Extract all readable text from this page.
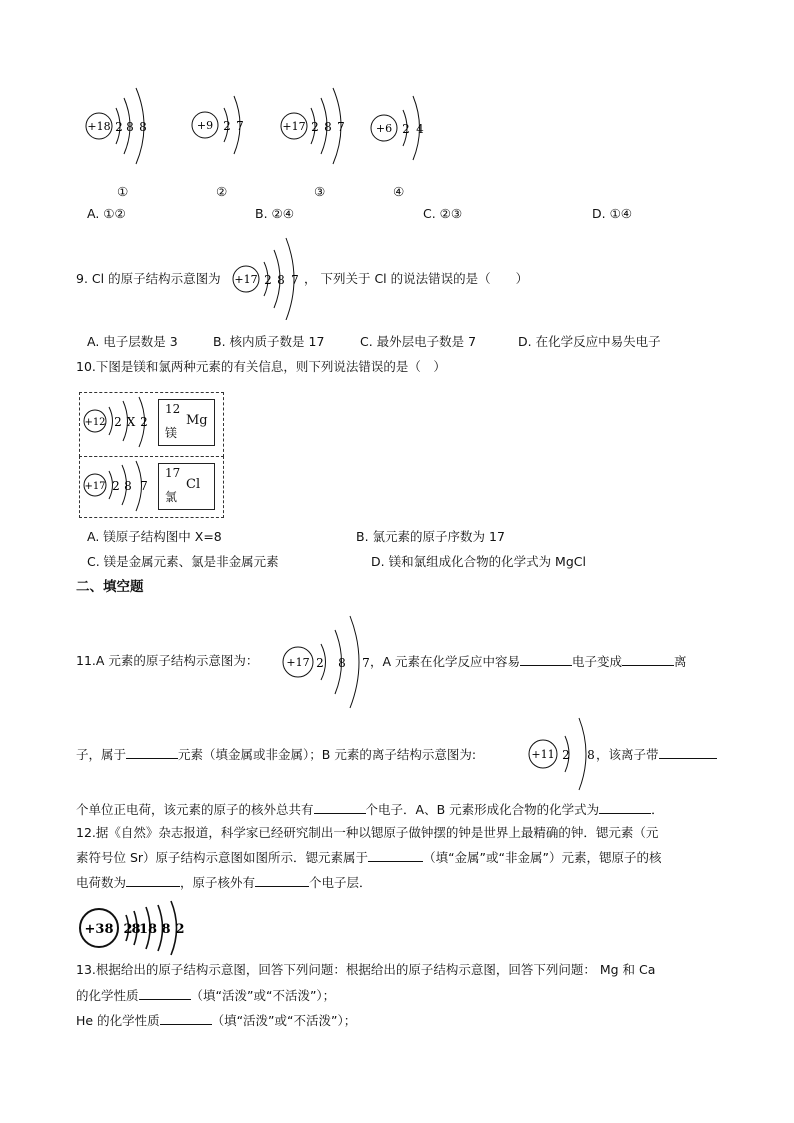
+18 2 8 8	+9 2 7	+17 2 8 7	+6 2 4
①	②	③	④
A. ①②	B. ②④	C. ②③	D. ①④
9. Cl 的原子结构示意图为 +17 2 8 7 ， 下列关于 Cl 的说法错误的是（　　）
A. 电子层数是 3	B. 核内质子数是 17	C. 最外层电子数是 7	D. 在化学反应中易失电子
10.下图是镁和氯两种元素的有关信息，则下列说法错误的是（　）
+12 2 X 2
12
Mg
镁
+17 2 8 7
17
Cl
氯
A. 镁原子结构图中 X=8	B. 氯元素的原子序数为 17
C. 镁是金属元素、氯是非金属元素	D. 镁和氯组成化合物的化学式为 MgCl
二、填空题
11.A 元素的原子结构示意图为：	+17 2 8 7 ，A 元素在化学反应中容易	电子变成	离
子，属于	元素（填金属或非金属）；B 元素的离子结构示意图为:	+11 2 8 ，该离子带
个单位正电荷，该元素的原子的核外总共有	个电子．A、B 元素形成化合物的化学式为	．
12.据《自然》杂志报道，科学家已经研究制出一种以锶原子做钟摆的钟是世界上最精确的钟．锶元素（元
素符号位 Sr）原子结构示意图如图所示．锶元素属于	（填“金属”或“非金属”）元素，锶原子的核
电荷数为	，原子核外有	个电子层．
+38 2
8
18 8 2
13.根据给出的原子结构示意图，回答下列问题：根据给出的原子结构示意图，回答下列问题： Mg 和 Ca
的化学性质	（填“活泼”或“不活泼”）；
He 的化学性质	（填“活泼”或“不活泼”）；
